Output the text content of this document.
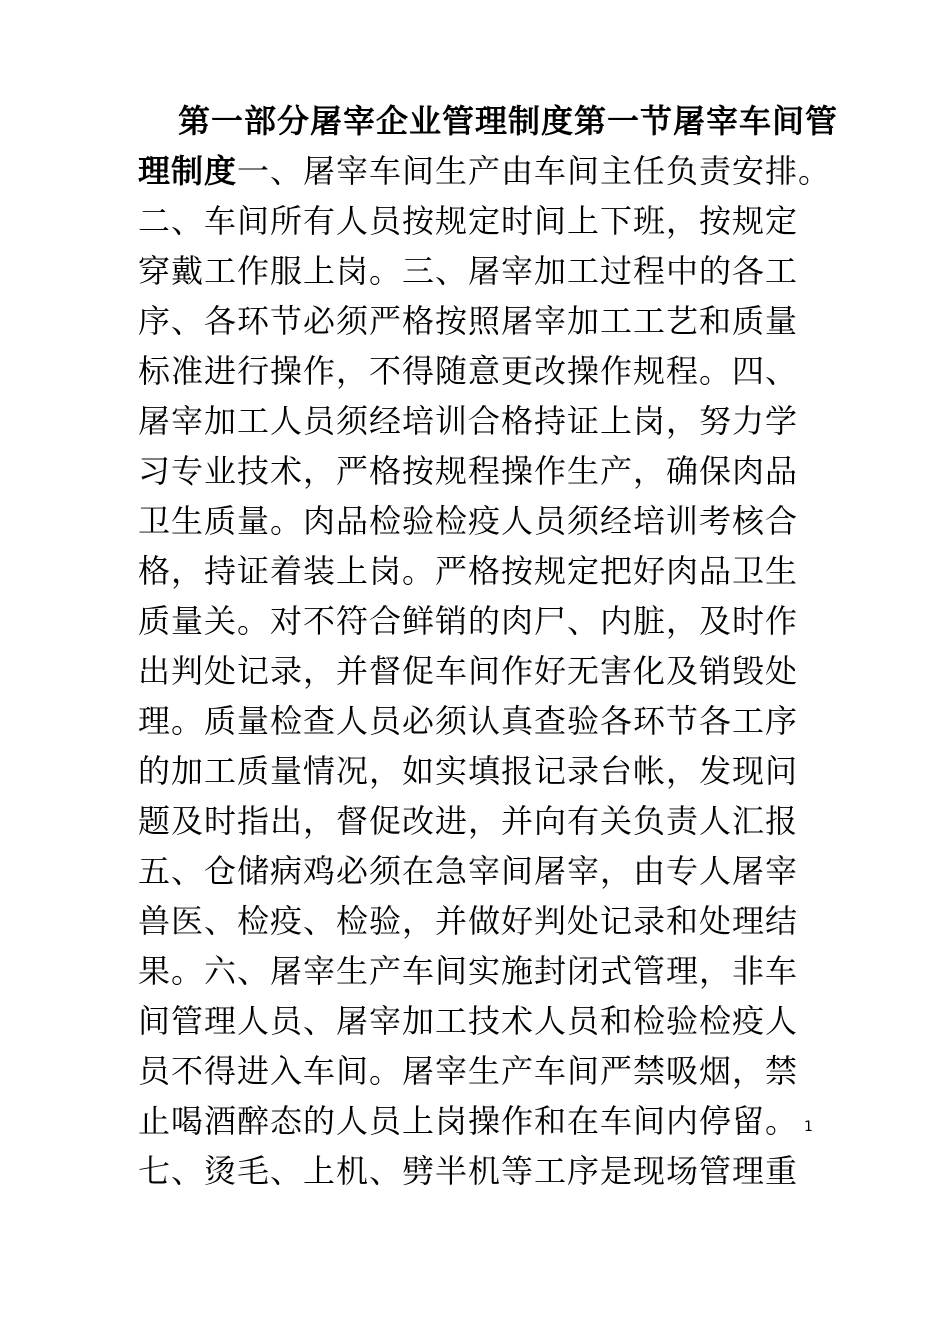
第一部分屠宰企业管理制度第一节屠宰车间管
理制度一、屠宰车间生产由车间主任负责安排。
二、车间所有人员按规定时间上下班，按规定
穿戴工作服上岗。三、屠宰加工过程中的各工
序、各环节必须严格按照屠宰加工工艺和质量
标准进行操作，不得随意更改操作规程。四、
屠宰加工人员须经培训合格持证上岗，努力学
习专业技术，严格按规程操作生产，确保肉品
卫生质量。肉品检验检疫人员须经培训考核合
格，持证着装上岗。严格按规定把好肉品卫生
质量关。对不符合鲜销的肉尸、内脏，及时作
出判处记录，并督促车间作好无害化及销毁处
理。质量检查人员必须认真查验各环节各工序
的加工质量情况，如实填报记录台帐，发现问
题及时指出，督促改进，并向有关负责人汇报
五、仓储病鸡必须在急宰间屠宰，由专人屠宰
兽医、检疫、检验，并做好判处记录和处理结
果。六、屠宰生产车间实施封闭式管理，非车
间管理人员、屠宰加工技术人员和检验检疫人
员不得进入车间。屠宰生产车间严禁吸烟，禁
止喝酒醉态的人员上岗操作和在车间内停留。 1
七、烫毛、上机、劈半机等工序是现场管理重
